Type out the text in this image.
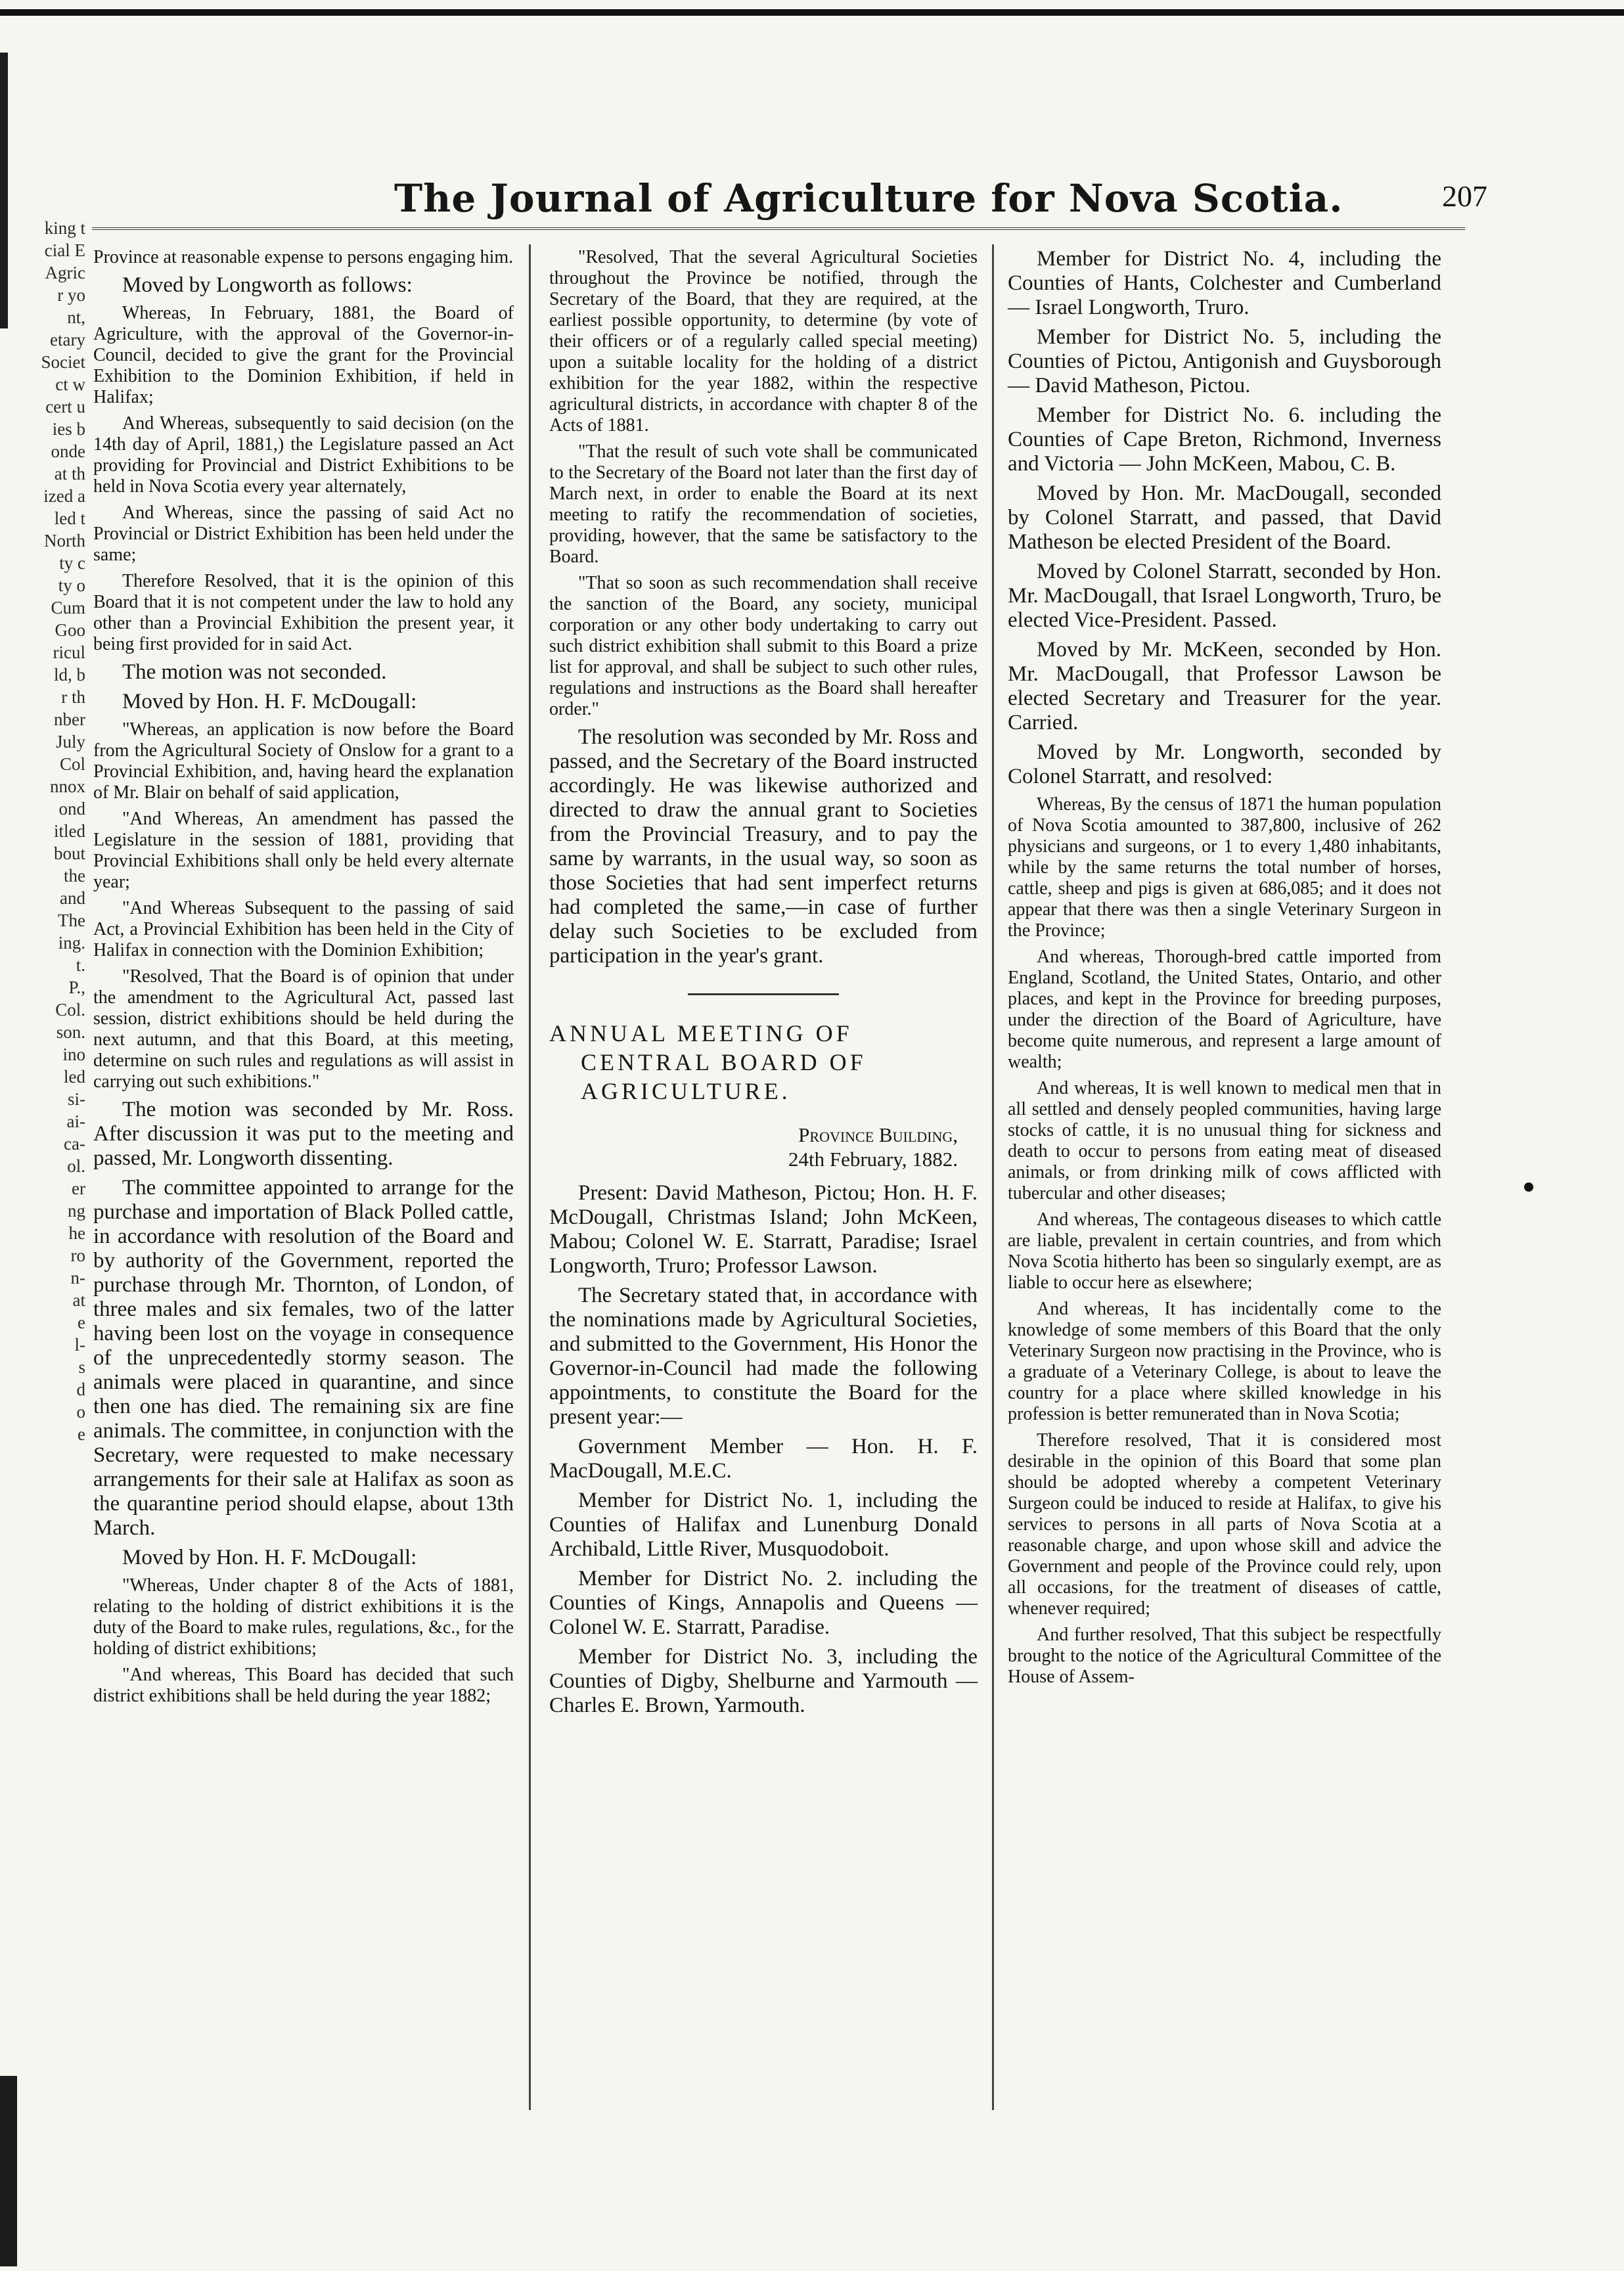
king t
cial E
Agric
r yo
nt,
etary
Societ
ct w
cert u
ies b
onde
at th
ized a
led t
North
ty c
ty o
Cum
Goo
ricul
ld, b
r th
nber
July
Col
nnox
ond
itled
bout
the
and
The
ing.
t.
P.,
Col.
son.
ino
led
si-
ai-
ca-
ol.
er
ng
he
ro
n-
at
e
l-
s
d
o
e
The Journal of Agriculture for Nova Scotia.	207

Province at reasonable expense to persons engaging him.

Moved by Longworth as follows:

Whereas, In February, 1881, the Board of Agriculture, with the approval of the Governor-in-Council, decided to give the grant for the Provincial Exhibition to the Dominion Exhibition, if held in Halifax;

And Whereas, subsequently to said decision (on the 14th day of April, 1881,) the Legislature passed an Act providing for Provincial and District Exhibitions to be held in Nova Scotia every year alternately,

And Whereas, since the passing of said Act no Provincial or District Exhibition has been held under the same;

Therefore Resolved, that it is the opinion of this Board that it is not competent under the law to hold any other than a Provincial Exhibition the present year, it being first provided for in said Act.

The motion was not seconded.

Moved by Hon. H. F. McDougall:

"Whereas, an application is now before the Board from the Agricultural Society of Onslow for a grant to a Provincial Exhibition, and, having heard the explanation of Mr. Blair on behalf of said application,

"And Whereas, An amendment has passed the Legislature in the session of 1881, providing that Provincial Exhibitions shall only be held every alternate year;

"And Whereas Subsequent to the passing of said Act, a Provincial Exhibition has been held in the City of Halifax in connection with the Dominion Exhibition;

"Resolved, That the Board is of opinion that under the amendment to the Agricultural Act, passed last session, district exhibitions should be held during the next autumn, and that this Board, at this meeting, determine on such rules and regulations as will assist in carrying out such exhibitions."

The motion was seconded by Mr. Ross. After discussion it was put to the meeting and passed, Mr. Longworth dissenting.

The committee appointed to arrange for the purchase and importation of Black Polled cattle, in accordance with resolution of the Board and by authority of the Government, reported the purchase through Mr. Thornton, of London, of three males and six females, two of the latter having been lost on the voyage in consequence of the unprecedentedly stormy season. The animals were placed in quarantine, and since then one has died. The remaining six are fine animals. The committee, in conjunction with the Secretary, were requested to make necessary arrangements for their sale at Halifax as soon as the quarantine period should elapse, about 13th March.

Moved by Hon. H. F. McDougall:

"Whereas, Under chapter 8 of the Acts of 1881, relating to the holding of district exhibitions it is the duty of the Board to make rules, regulations, &c., for the holding of district exhibitions;

"And whereas, This Board has decided that such district exhibitions shall be held during the year 1882;

"Resolved, That the several Agricultural Societies throughout the Province be notified, through the Secretary of the Board, that they are required, at the earliest possible opportunity, to determine (by vote of their officers or of a regularly called special meeting) upon a suitable locality for the holding of a district exhibition for the year 1882, within the respective agricultural districts, in accordance with chapter 8 of the Acts of 1881.

"That the result of such vote shall be communicated to the Secretary of the Board not later than the first day of March next, in order to enable the Board at its next meeting to ratify the recommendation of societies, providing, however, that the same be satisfactory to the Board.

"That so soon as such recommendation shall receive the sanction of the Board, any society, municipal corporation or any other body undertaking to carry out such district exhibition shall submit to this Board a prize list for approval, and shall be subject to such other rules, regulations and instructions as the Board shall hereafter order."

The resolution was seconded by Mr. Ross and passed, and the Secretary of the Board instructed accordingly. He was likewise authorized and directed to draw the annual grant to Societies from the Provincial Treasury, and to pay the same by warrants, in the usual way, so soon as those Societies that had sent imperfect returns had completed the same,—in case of further delay such Societies to be excluded from participation in the year's grant.

ANNUAL MEETING OF CENTRAL BOARD OF AGRICULTURE.

Province Building,

24th February, 1882.

Present: David Matheson, Pictou; Hon. H. F. McDougall, Christmas Island; John McKeen, Mabou; Colonel W. E. Starratt, Paradise; Israel Longworth, Truro; Professor Lawson.

The Secretary stated that, in accordance with the nominations made by Agricultural Societies, and submitted to the Government, His Honor the Governor-in-Council had made the following appointments, to constitute the Board for the present year:—

Government Member — Hon. H. F. MacDougall, M.E.C.

Member for District No. 1, including the Counties of Halifax and Lunenburg Donald Archibald, Little River, Musquodoboit.

Member for District No. 2. including the Counties of Kings, Annapolis and Queens — Colonel W. E. Starratt, Paradise.

Member for District No. 3, including the Counties of Digby, Shelburne and Yarmouth — Charles E. Brown, Yarmouth.

Member for District No. 4, including the Counties of Hants, Colchester and Cumberland — Israel Longworth, Truro.

Member for District No. 5, including the Counties of Pictou, Antigonish and Guysborough — David Matheson, Pictou.

Member for District No. 6. including the Counties of Cape Breton, Richmond, Inverness and Victoria — John McKeen, Mabou, C. B.

Moved by Hon. Mr. MacDougall, seconded by Colonel Starratt, and passed, that David Matheson be elected President of the Board.

Moved by Colonel Starratt, seconded by Hon. Mr. MacDougall, that Israel Longworth, Truro, be elected Vice-President. Passed.

Moved by Mr. McKeen, seconded by Hon. Mr. MacDougall, that Professor Lawson be elected Secretary and Treasurer for the year. Carried.

Moved by Mr. Longworth, seconded by Colonel Starratt, and resolved:

Whereas, By the census of 1871 the human population of Nova Scotia amounted to 387,800, inclusive of 262 physicians and surgeons, or 1 to every 1,480 inhabitants, while by the same returns the total number of horses, cattle, sheep and pigs is given at 686,085; and it does not appear that there was then a single Veterinary Surgeon in the Province;

And whereas, Thorough-bred cattle imported from England, Scotland, the United States, Ontario, and other places, and kept in the Province for breeding purposes, under the direction of the Board of Agriculture, have become quite numerous, and represent a large amount of wealth;

And whereas, It is well known to medical men that in all settled and densely peopled communities, having large stocks of cattle, it is no unusual thing for sickness and death to occur to persons from eating meat of diseased animals, or from drinking milk of cows afflicted with tubercular and other diseases;

And whereas, The contageous diseases to which cattle are liable, prevalent in certain countries, and from which Nova Scotia hitherto has been so singularly exempt, are as liable to occur here as elsewhere;

And whereas, It has incidentally come to the knowledge of some members of this Board that the only Veterinary Surgeon now practising in the Province, who is a graduate of a Veterinary College, is about to leave the country for a place where skilled knowledge in his profession is better remunerated than in Nova Scotia;

Therefore resolved, That it is considered most desirable in the opinion of this Board that some plan should be adopted whereby a competent Veterinary Surgeon could be induced to reside at Halifax, to give his services to persons in all parts of Nova Scotia at a reasonable charge, and upon whose skill and advice the Government and people of the Province could rely, upon all occasions, for the treatment of diseases of cattle, whenever required;

And further resolved, That this subject be respectfully brought to the notice of the Agricultural Committee of the House of Assem-
